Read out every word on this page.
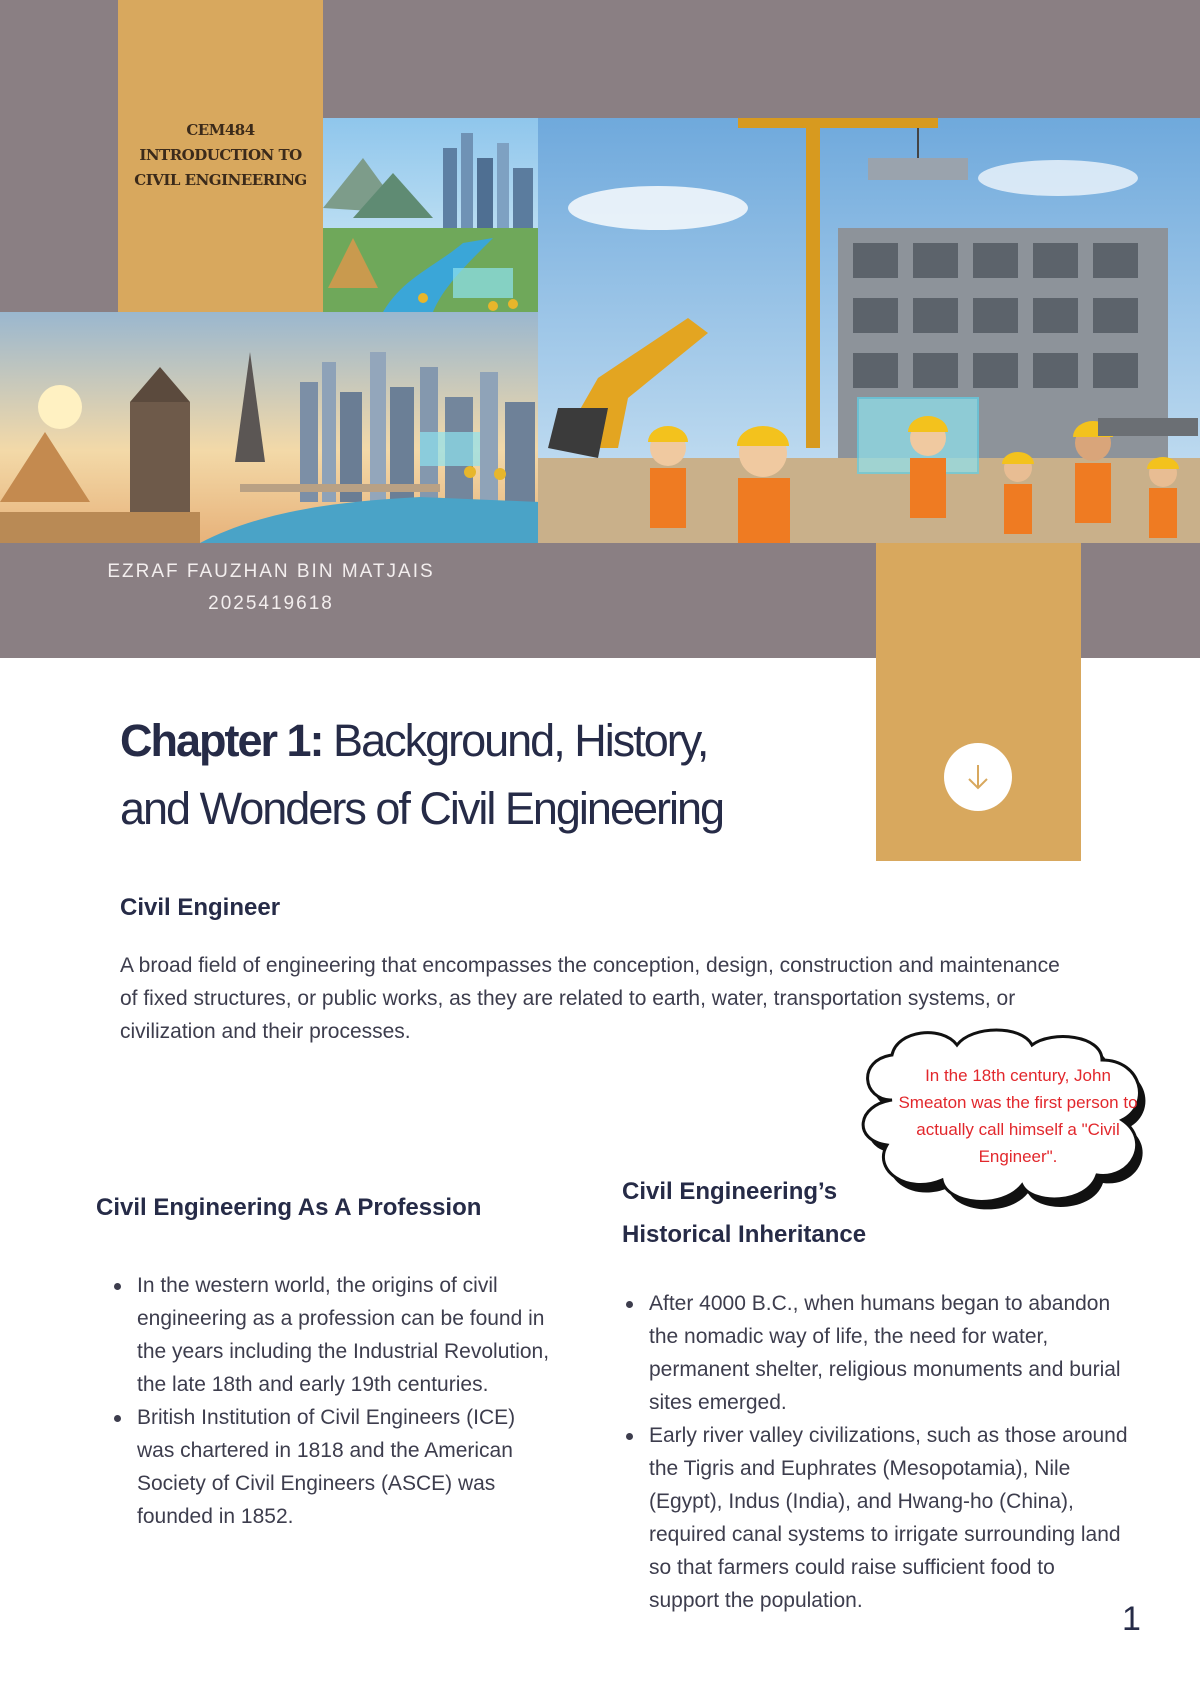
CEM484
INTRODUCTION TO
CIVIL ENGINEERING
EZRAF FAUZHAN BIN MATJAIS
2025419618
Chapter 1: Background, History,
and Wonders of Civil Engineering
Civil Engineer
A broad field of engineering that encompasses the conception, design, construction and maintenance of fixed structures, or public works, as they are related to earth, water, transportation systems, or civilization and their processes.
In the 18th century, John Smeaton was the first person to actually call himself a "Civil Engineer".
Civil Engineering As A Profession
In the western world, the origins of civil engineering as a profession can be found in the years including the Industrial Revolution, the late 18th and early 19th centuries.
British Institution of Civil Engineers (ICE) was chartered in 1818 and the American Society of Civil Engineers (ASCE) was founded in 1852.
Civil Engineering’s
Historical Inheritance
After 4000 B.C., when humans began to abandon the nomadic way of life, the need for water, permanent shelter, religious monuments and burial sites emerged.
Early river valley civilizations, such as those around the Tigris and Euphrates (Mesopotamia), Nile (Egypt), Indus (India), and Hwang-ho (China), required canal systems to irrigate surrounding land so that farmers could raise sufficient food to support the population.	1
